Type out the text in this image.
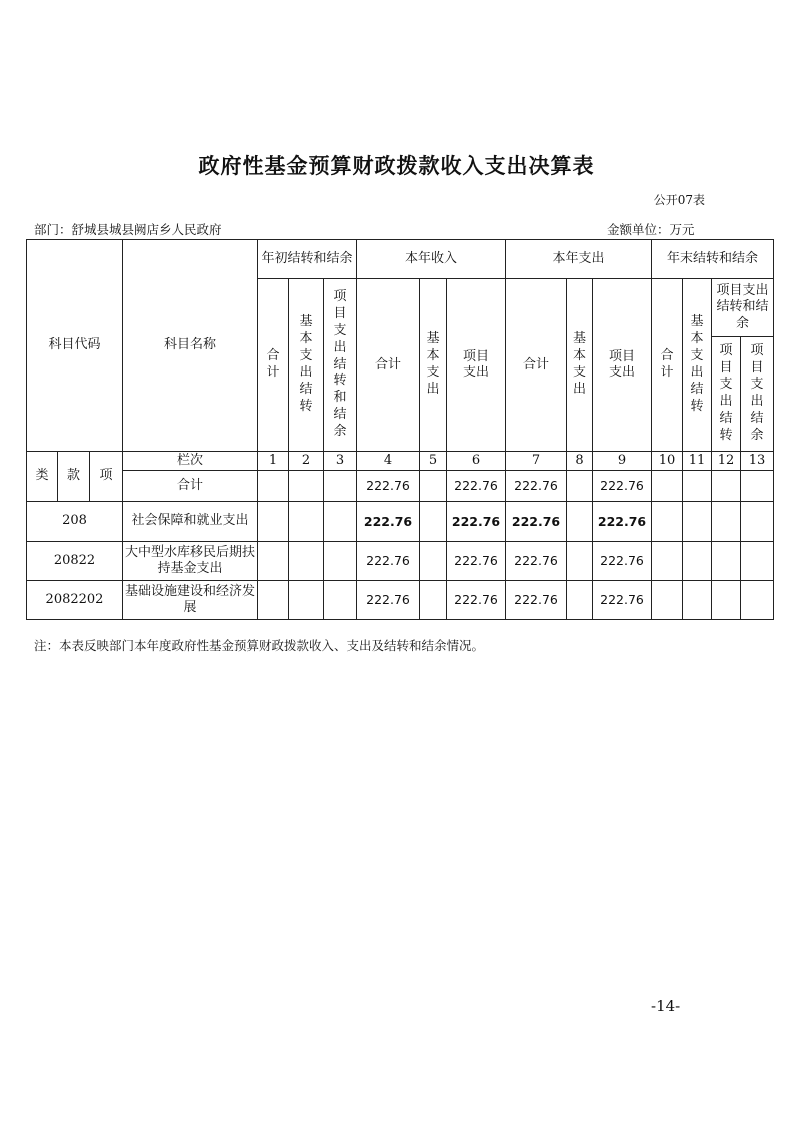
政府性基金预算财政拨款收入支出决算表
公开07表
部门：舒城县城县阙店乡人民政府	金额单位：万元
科目代码			科目名称	年初结转和结余			本年收入			本年支出			年末结转和结余			
				合计	基本支出结转	项目支出结转和结余	合计	基本支出	项目支出	合计	基本支出	项目支出	合计	基本支出结转	项目支出结转和结余	
															项目支出结转	项目支出结余
类	款	项	栏次	1	2	3	4	5	6	7	8	9	10	11	12	13
			合计				222.76		222.76	222.76		222.76				
208			社会保障和就业支出				222.76		222.76	222.76		222.76				
20822			大中型水库移民后期扶持基金支出				222.76		222.76	222.76		222.76				
2082202			基础设施建设和经济发展				222.76		222.76	222.76		222.76				
注：本表反映部门本年度政府性基金预算财政拨款收入、支出及结转和结余情况。
-14-
